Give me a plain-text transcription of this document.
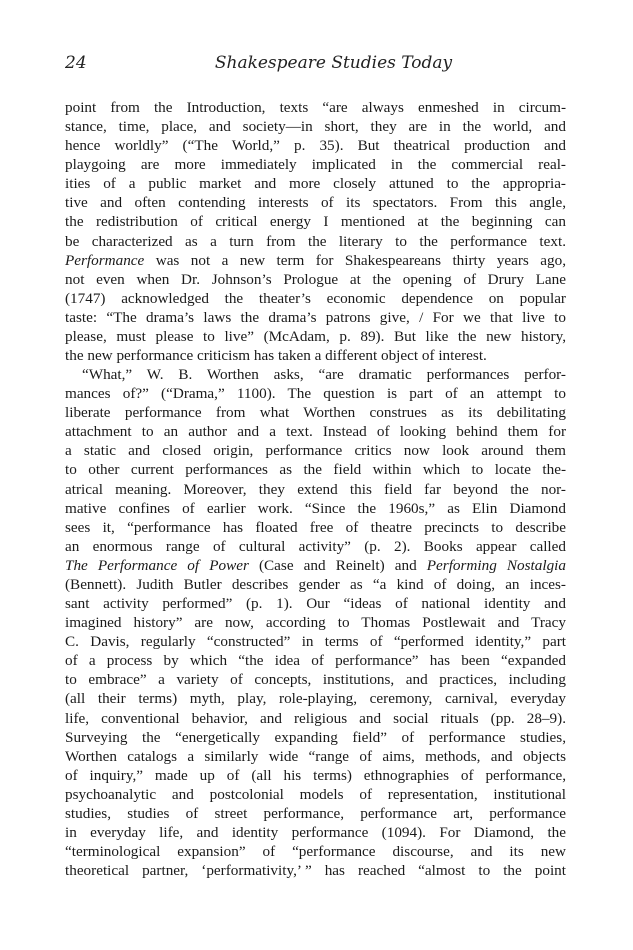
24	Shakespeare Studies Today
point from the Introduction, texts “are always enmeshed in circum-
stance, time, place, and society—in short, they are in the world, and
hence worldly” (“The World,” p. 35). But theatrical production and
playgoing are more immediately implicated in the commercial real-
ities of a public market and more closely attuned to the appropria-
tive and often contending interests of its spectators. From this angle,
the redistribution of critical energy I mentioned at the beginning can
be characterized as a turn from the literary to the performance text.
Performance was not a new term for Shakespeareans thirty years ago,
not even when Dr. Johnson’s Prologue at the opening of Drury Lane
(1747) acknowledged the theater’s economic dependence on popular
taste: “The drama’s laws the drama’s patrons give, / For we that live to
please, must please to live” (McAdam, p. 89). But like the new history,
the new performance criticism has taken a different object of interest.
“What,” W. B. Worthen asks, “are dramatic performances perfor-
mances of?” (“Drama,” 1100). The question is part of an attempt to
liberate performance from what Worthen construes as its debilitating
attachment to an author and a text. Instead of looking behind them for
a static and closed origin, performance critics now look around them
to other current performances as the field within which to locate the-
atrical meaning. Moreover, they extend this field far beyond the nor-
mative confines of earlier work. “Since the 1960s,” as Elin Diamond
sees it, “performance has floated free of theatre precincts to describe
an enormous range of cultural activity” (p. 2). Books appear called
The Performance of Power (Case and Reinelt) and Performing Nostalgia
(Bennett). Judith Butler describes gender as “a kind of doing, an inces-
sant activity performed” (p. 1). Our “ideas of national identity and
imagined history” are now, according to Thomas Postlewait and Tracy
C. Davis, regularly “constructed” in terms of “performed identity,” part
of a process by which “the idea of performance” has been “expanded
to embrace” a variety of concepts, institutions, and practices, including
(all their terms) myth, play, role-playing, ceremony, carnival, everyday
life, conventional behavior, and religious and social rituals (pp. 28–9).
Surveying the “energetically expanding field” of performance studies,
Worthen catalogs a similarly wide “range of aims, methods, and objects
of inquiry,” made up of (all his terms) ethnographies of performance,
psychoanalytic and postcolonial models of representation, institutional
studies, studies of street performance, performance art, performance
in everyday life, and identity performance (1094). For Diamond, the
“terminological expansion” of “performance discourse, and its new
theoretical partner, ‘performativity,’ ” has reached “almost to the point
